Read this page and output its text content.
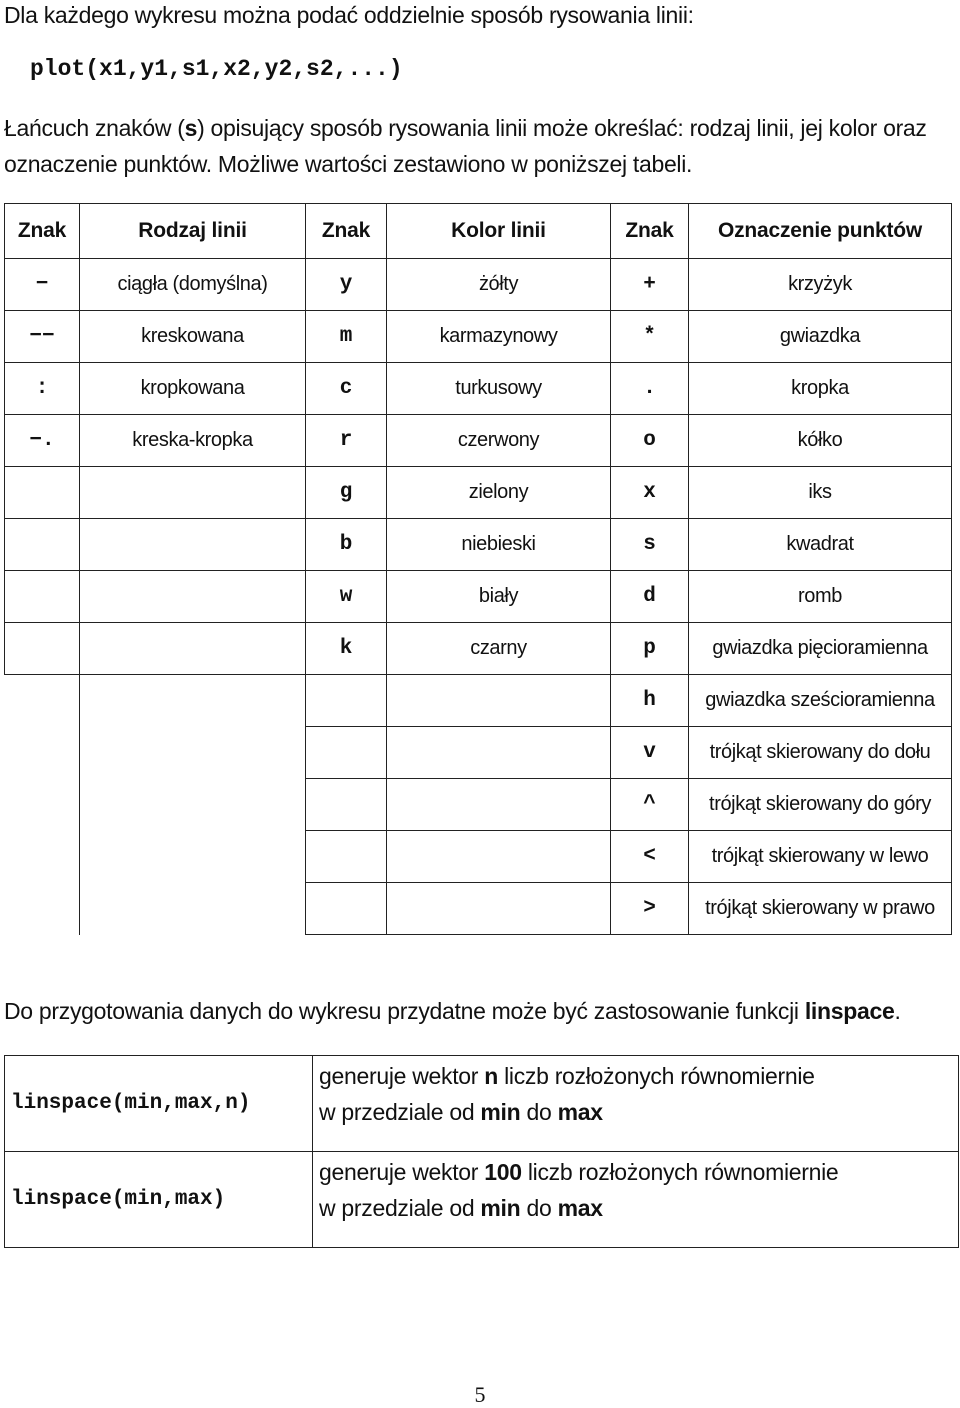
Dla każdego wykresu można podać oddzielnie sposób rysowania linii:
plot(x1,y1,s1,x2,y2,s2,...)
Łańcuch znaków (s) opisujący sposób rysowania linii może określać: rodzaj linii, jej kolor oraz oznaczenie punktów. Możliwe wartości zestawiono w poniższej tabeli.
Znak	Rodzaj linii	Znak	Kolor linii	Znak	Oznaczenie punktów
−	ciągła (domyślna)	y	żółty	+	krzyżyk
−−	kreskowana	m	karmazynowy	*	gwiazdka
:	kropkowana	c	turkusowy	.	kropka
−.	kreska-kropka	r	czerwony	o	kółko
		g	zielony	x	iks
		b	niebieski	s	kwadrat
		w	biały	d	romb
		k	czarny	p	gwiazdka pięcioramienna
				h	gwiazdka sześcioramienna
				v	trójkąt skierowany do dołu
				^	trójkąt skierowany do góry
				<	trójkąt skierowany w lewo
				>	trójkąt skierowany w prawo
Do przygotowania danych do wykresu przydatne może być zastosowanie funkcji linspace.
linspace(min,max,n)	generuje wektor n liczb rozłożonych równomiernie
w przedziale od min do max
linspace(min,max)	generuje wektor 100 liczb rozłożonych równomiernie
w przedziale od min do max
5
